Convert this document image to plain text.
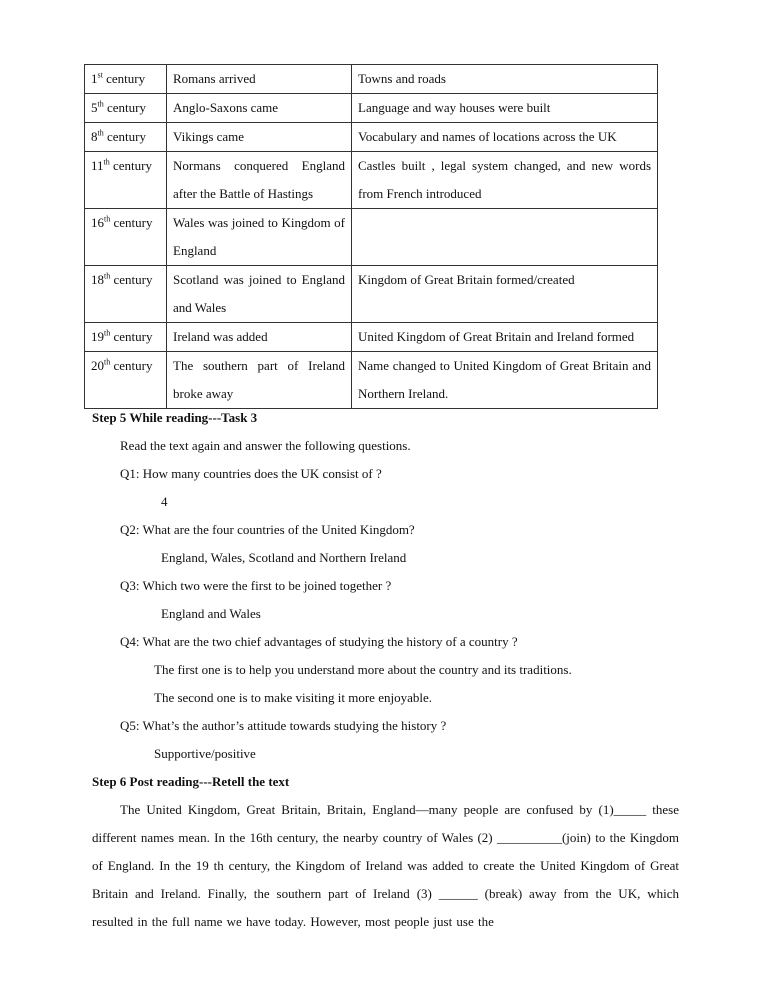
1st century	Romans arrived	Towns and roads
5th century	Anglo-Saxons came	Language and way houses were built
8th century	Vikings came	Vocabulary and names of locations across the UK
11th century	Normans conquered England after the Battle of Hastings	Castles built , legal system changed, and new words from French introduced
16th century	Wales was joined to Kingdom of England	
18th century	Scotland was joined to England and Wales	Kingdom of Great Britain formed/created
19th century	Ireland was added	United Kingdom of Great Britain and Ireland formed
20th century	The southern part of Ireland broke away	Name changed to United Kingdom of Great Britain and Northern Ireland.
Step 5 While reading---Task 3
Read the text again and answer the following questions.
Q1: How many countries does the UK consist of ?
4
Q2: What are the four countries of the United Kingdom?
England, Wales, Scotland and Northern Ireland
Q3: Which two were the first to be joined together ?
England and Wales
Q4: What are the two chief advantages of studying the history of a country ?
The first one is to help you understand more about the country and its traditions.
The second one is to make visiting it more enjoyable.
Q5: What’s the author’s attitude towards studying the history ?
Supportive/positive
Step 6 Post reading---Retell the text
The United Kingdom, Great Britain, Britain, England—many people are confused by (1)_____ these different names mean. In the 16th century, the nearby country of Wales (2) __________(join) to the Kingdom of England. In the 19 th century, the Kingdom of Ireland was added to create the United Kingdom of Great Britain and Ireland. Finally, the southern part of Ireland (3) ______ (break) away from the UK, which resulted in the full name we have today. However, most people just use the
